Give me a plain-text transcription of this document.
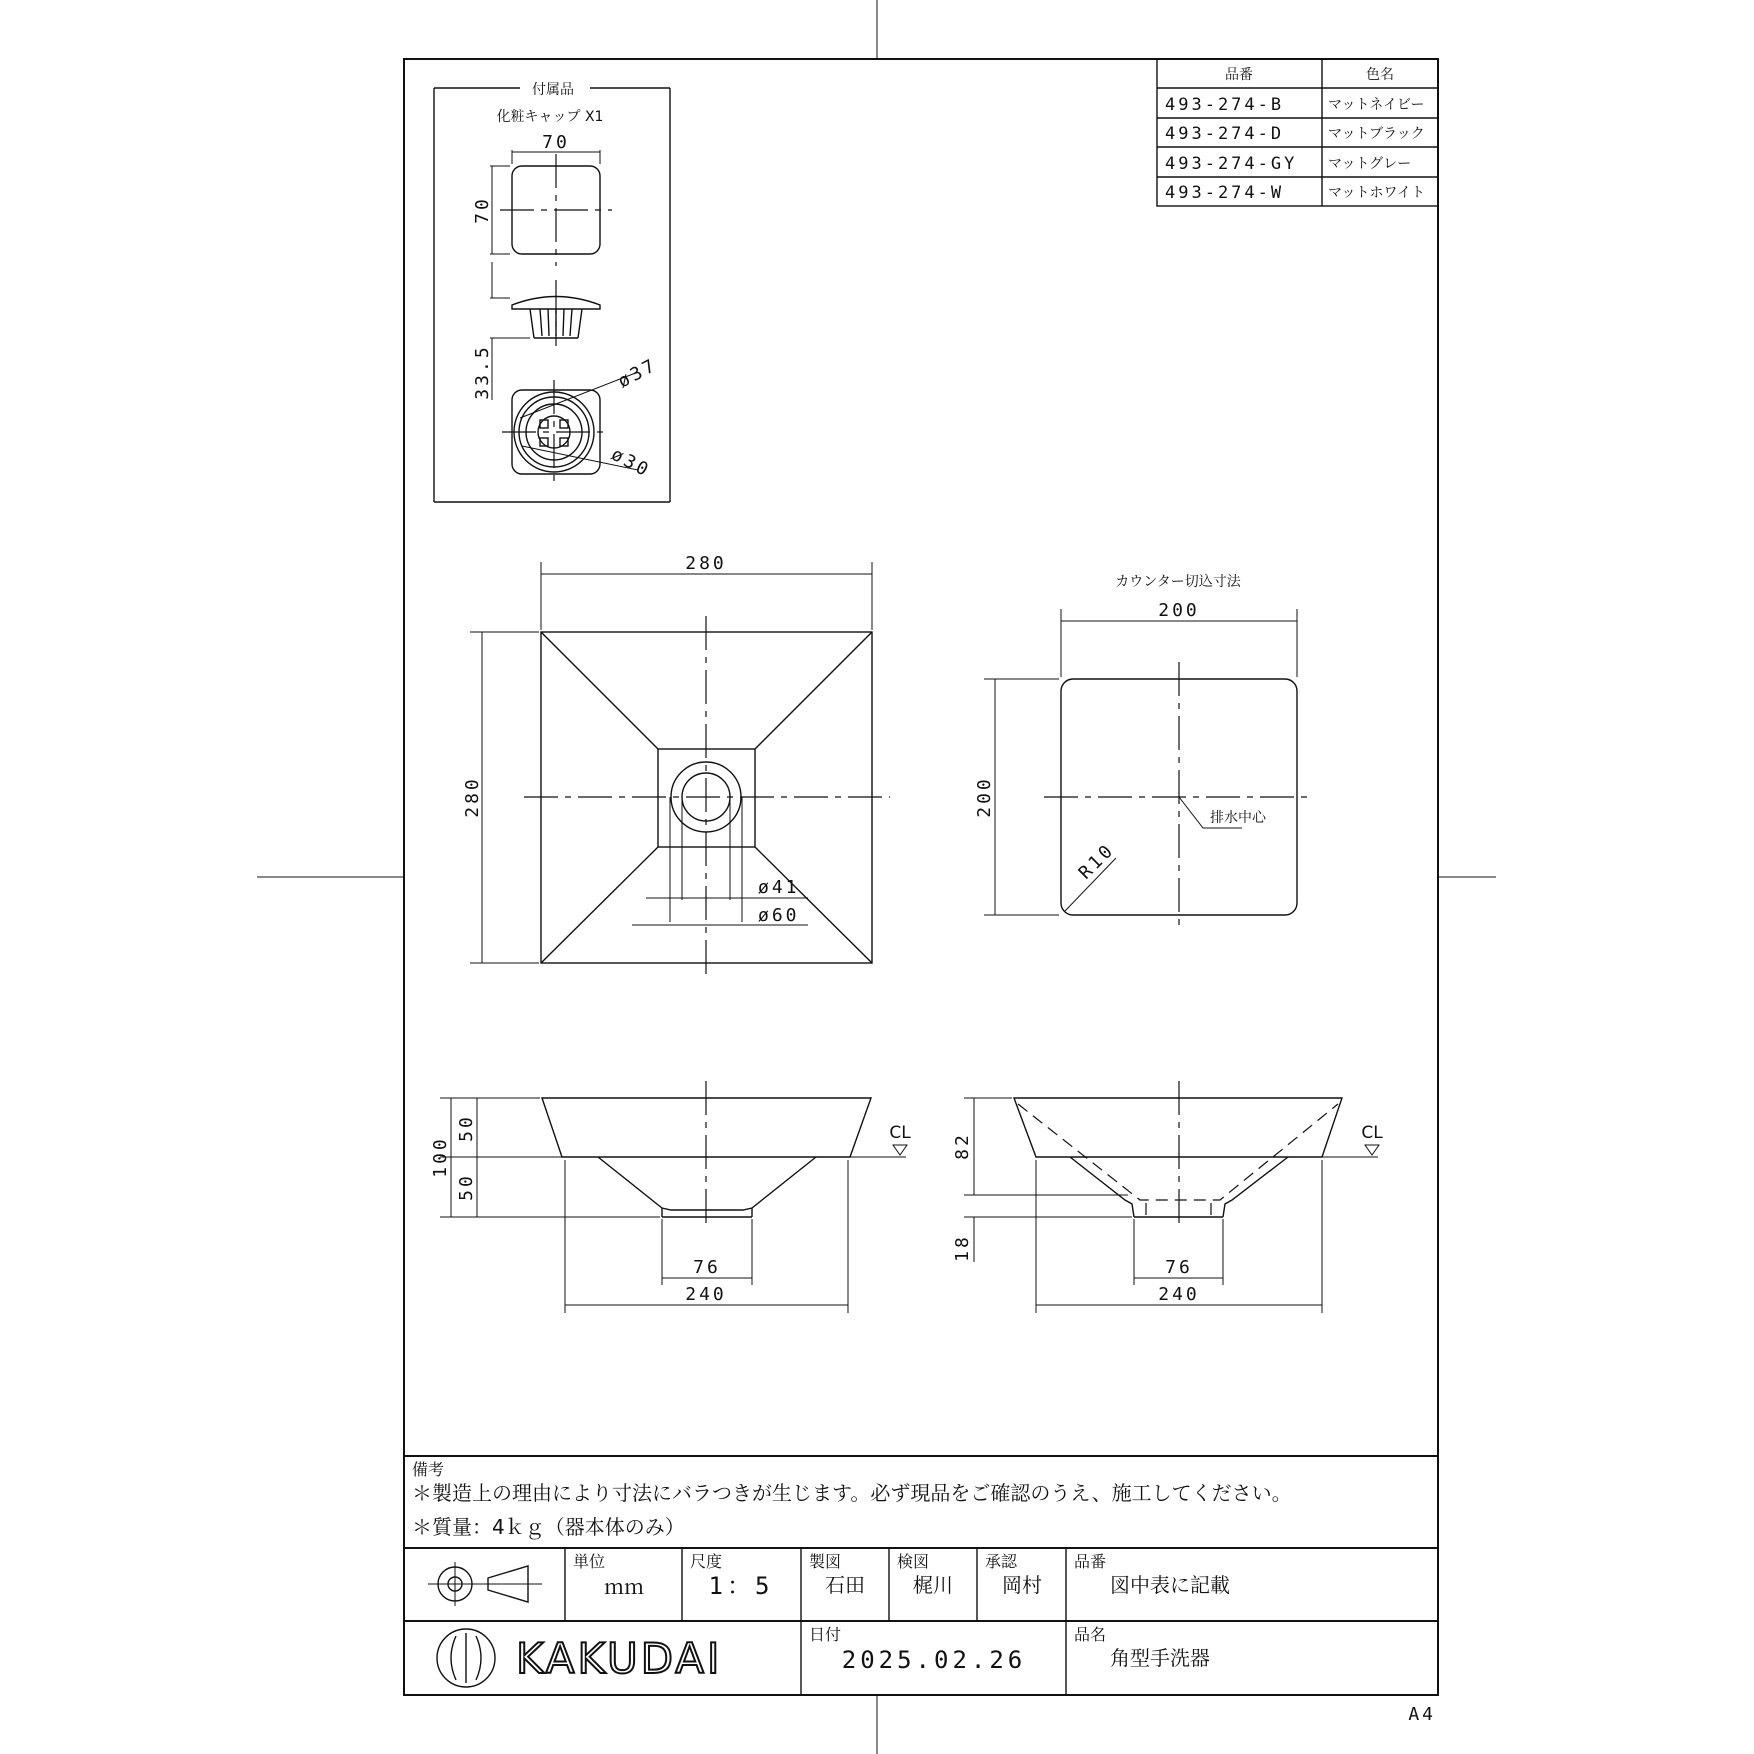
品番	色名
493-274-B	マットネイビー
493-274-D	マットブラック
493-274-GY マットグレー
493-274-W	マットホワイト
付属品
化粧キャップ X1
70
70
33.5	ø37
ø30
280
280
ø41
ø60
カウンター切込寸法
200
200
R10
排水中心
100
50
50
CL
76
240
82
18
CL
76
240
備考
＊製造上の理由により寸法にバラつきが生じます。必ず現品をご確認のうえ、施工してください。
＊質量：4ｋｇ（器本体のみ）
単位
ｍｍ
尺度
1：5
製図
石田
検図
梶川
承認
岡村
品番
図中表に記載
KAKUDAI	日付
2025.02.26
品名
角型手洗器
A4
